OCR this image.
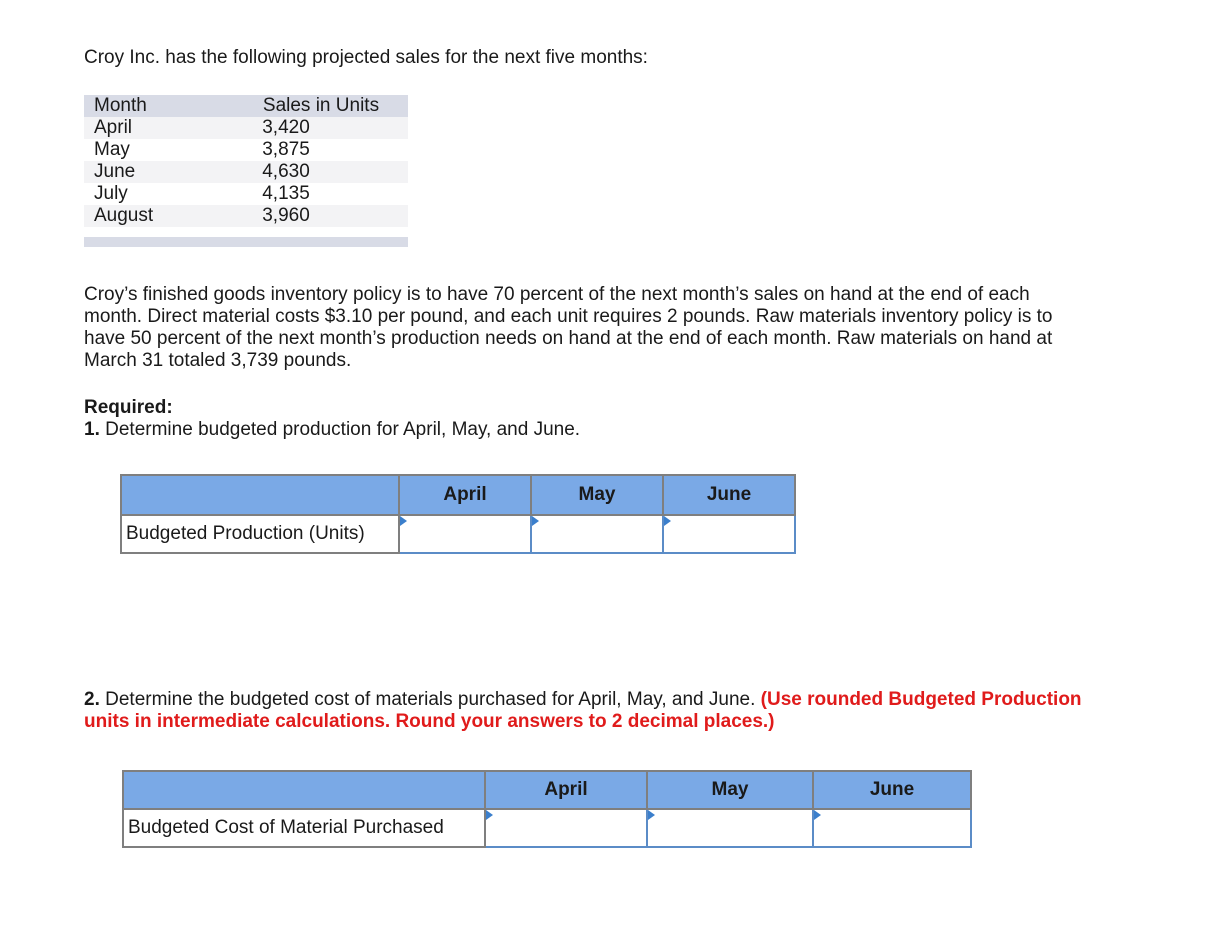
Croy Inc. has the following projected sales for the next five months:

Month	Sales in Units
April	3,420
May	3,875
June	4,630
July	4,135
August	3,960

Croy’s finished goods inventory policy is to have 70 percent of the next month’s sales on hand at the end of each month. Direct material costs $3.10 per pound, and each unit requires 2 pounds. Raw materials inventory policy is to have 50 percent of the next month’s production needs on hand at the end of each month. Raw materials on hand at March 31 totaled 3,739 pounds.

Required:
1. Determine budgeted production for April, May, and June.
	April	May	June
Budgeted Production (Units)	

2. Determine the budgeted cost of materials purchased for April, May, and June. (Use rounded Budgeted Production units in intermediate calculations. Round your answers to 2 decimal places.)

	April	May	June
Budgeted Cost of Material Purchased	
